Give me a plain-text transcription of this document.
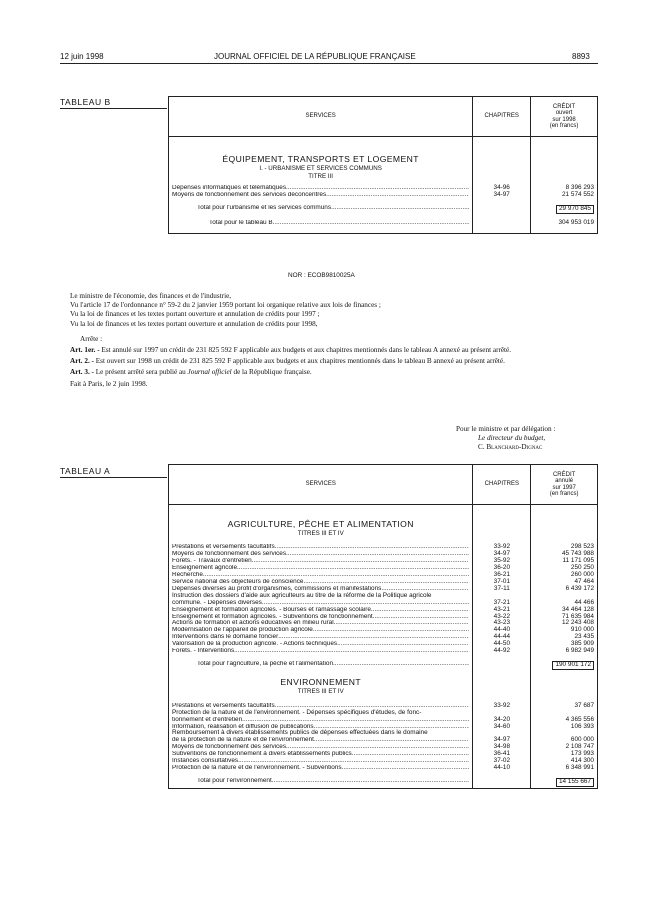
12 juin 1998	JOURNAL OFFICIEL DE LA RÉPUBLIQUE FRANÇAISE	8893
TABLEAU B
SERVICES	CHAPITRES	CRÉDIT
ouvert
sur 1998
(en francs)

ÉQUIPEMENT, TRANSPORTS ET LOGEMENT		
I. - URBANISME ET SERVICES COMMUNS		
TITRE III		

Dépenses informatiques et télématiques .....	34-96	8 396 293

Moyens de fonctionnement des services déconcentrés .....	34-97	21 574 552

Total pour l'urbanisme et les services communs .....		29 970 845

Total pour le tableau B .....		304 953 019
NOR : ECOB9810025A

Le ministre de l'économie, des finances et de l'industrie,

Vu l'article 17 de l'ordonnance n° 59-2 du 2 janvier 1959 portant loi organique relative aux lois de finances ;

Vu la loi de finances et les textes portant ouverture et annulation de crédits pour 1997 ;

Vu la loi de finances et les textes portant ouverture et annulation de crédits pour 1998,

Arrête :

Art. 1er. - Est annulé sur 1997 un crédit de 231 825 592 F applicable aux budgets et aux chapitres mentionnés dans le tableau A annexé au présent arrêté.

Art. 2. - Est ouvert sur 1998 un crédit de 231 825 592 F applicable aux budgets et aux chapitres mentionnés dans le tableau B annexé au présent arrêté.

Art. 3. - Le présent arrêté sera publié au Journal officiel de la République française.

Fait à Paris, le 2 juin 1998.

Pour le ministre et par délégation :

Le directeur du budget,

C. Blanchard-Dignac

TABLEAU A
SERVICES	CHAPITRES	CRÉDIT
annulé
sur 1997
(en francs)

AGRICULTURE, PÊCHE ET ALIMENTATION		
TITRES III ET IV		

Prestations et versements facultatifs .....	33-92	298 523

Moyens de fonctionnement des services .....	34-97	45 743 988

Forêts. - Travaux d'entretien .....	35-92	11 171 095

Enseignement agricole .....	36-20	250 250

Recherche .....	36-21	260 000

Service national des objecteurs de conscience .....	37-01	47 464

Dépenses diverses au profit d'organismes, commissions et manifestations .....	37-11	6 439 172

Instruction des dossiers d'aide aux agriculteurs au titre de la réforme de la Politique agricole		

commune. - Dépenses diverses .....	37-21	44 466

Enseignement et formation agricoles. - Bourses et ramassage scolaire .....	43-21	34 464 128

Enseignement et formation agricoles. - Subventions de fonctionnement .....	43-22	71 635 984

Actions de formation et actions éducatives en milieu rural .....	43-23	12 243 408

Modernisation de l'appareil de production agricole .....	44-40	910 000

Interventions dans le domaine foncier .....	44-44	23 435

Valorisation de la production agricole. - Actions techniques .....	44-50	385 909

Forêts. - Interventions .....	44-92	6 982 949

Total pour l'agriculture, la pêche et l'alimentation .....		190 901 172

ENVIRONNEMENT		
TITRES III ET IV		

Prestations et versements facultatifs .....	33-92	37 687

Protection de la nature et de l'environnement. - Dépenses spécifiques d'études, de fonc-		

tionnement et d'entretien .....	34-20	4 365 556

Information, réalisation et diffusion de publications .....	34-60	106 393

Remboursement à divers établissements publics de dépenses effectuées dans le domaine		

de la protection de la nature et de l'environnement .....	34-97	600 000

Moyens de fonctionnement des services .....	34-98	2 108 747

Subventions de fonctionnement à divers établissements publics .....	36-41	173 993

Instances consultatives .....	37-02	414 300

Protection de la nature et de l'environnement. - Subventions .....	44-10	6 348 991

Total pour l'environnement .....		14 155 667
